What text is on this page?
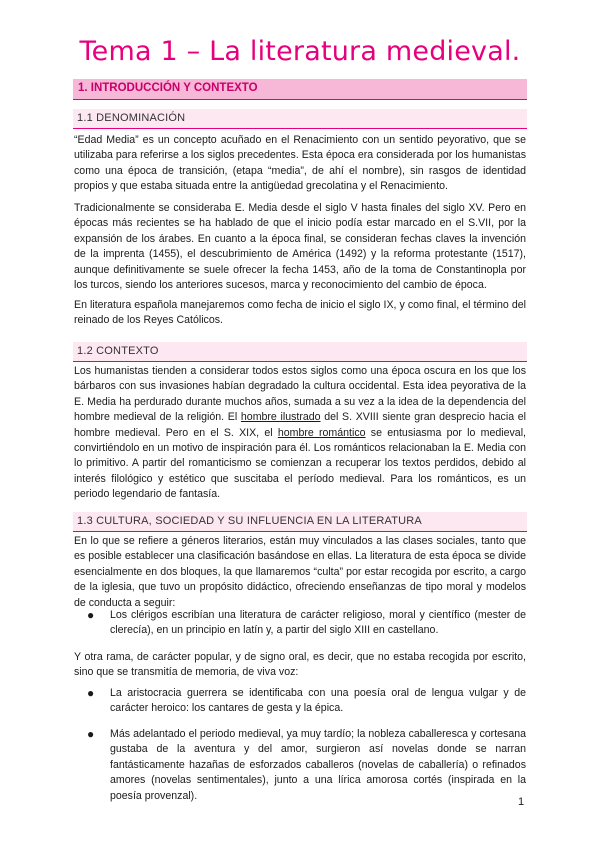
Tema 1 – La literatura medieval.
1. INTRODUCCIÓN Y CONTEXTO
1.1 DENOMINACIÓN
“Edad Media” es un concepto acuñado en el Renacimiento con un sentido peyorativo, que se utilizaba para referirse a los siglos precedentes. Esta época era considerada por los humanistas como una época de transición, (etapa “media”, de ahí el nombre), sin rasgos de identidad propios y que estaba situada entre la antigüedad grecolatina y el Renacimiento.
Tradicionalmente se consideraba E. Media desde el siglo V hasta finales del siglo XV. Pero en épocas más recientes se ha hablado de que el inicio podía estar marcado en el S.VII, por la expansión de los árabes. En cuanto a la época final, se consideran fechas claves la invención de la imprenta (1455), el descubrimiento de América (1492) y la reforma protestante (1517), aunque definitivamente se suele ofrecer la fecha 1453, año de la toma de Constantinopla por los turcos, siendo los anteriores sucesos, marca y reconocimiento del cambio de época.
En literatura española manejaremos como fecha de inicio el siglo IX, y como final, el término del reinado de los Reyes Católicos.
1.2 CONTEXTO
Los humanistas tienden a considerar todos estos siglos como una época oscura en los que los bárbaros con sus invasiones habían degradado la cultura occidental. Esta idea peyorativa de la E. Media ha perdurado durante muchos años, sumada a su vez a la idea de la dependencia del hombre medieval de la religión. El hombre ilustrado del S. XVIII siente gran desprecio hacia el hombre medieval. Pero en el S. XIX, el hombre romántico se entusiasma por lo medieval, convirtiéndolo en un motivo de inspiración para él. Los románticos relacionaban la E. Media con lo primitivo. A partir del romanticismo se comienzan a recuperar los textos perdidos, debido al interés filológico y estético que suscitaba el período medieval. Para los románticos, es un periodo legendario de fantasía.
1.3 CULTURA, SOCIEDAD Y SU INFLUENCIA EN LA LITERATURA
En lo que se refiere a géneros literarios, están muy vinculados a las clases sociales, tanto que es posible establecer una clasificación basándose en ellas. La literatura de esta época se divide esencialmente en dos bloques, la que llamaremos “culta” por estar recogida por escrito, a cargo de la iglesia, que tuvo un propósito didáctico, ofreciendo enseñanzas de tipo moral y modelos de conducta a seguir:
● Los clérigos escribían una literatura de carácter religioso, moral y científico (mester de clerecía), en un principio en latín y, a partir del siglo XIII en castellano.
Y otra rama, de carácter popular, y de signo oral, es decir, que no estaba recogida por escrito, sino que se transmitía de memoria, de viva voz:
● La aristocracia guerrera se identificaba con una poesía oral de lengua vulgar y de carácter heroico: los cantares de gesta y la épica.
● Más adelantado el periodo medieval, ya muy tardío; la nobleza caballeresca y cortesana gustaba de la aventura y del amor, surgieron así novelas donde se narran fantásticamente hazañas de esforzados caballeros (novelas de caballería) o refinados amores (novelas sentimentales), junto a una lírica amorosa cortés (inspirada en la poesía provenzal).
1
